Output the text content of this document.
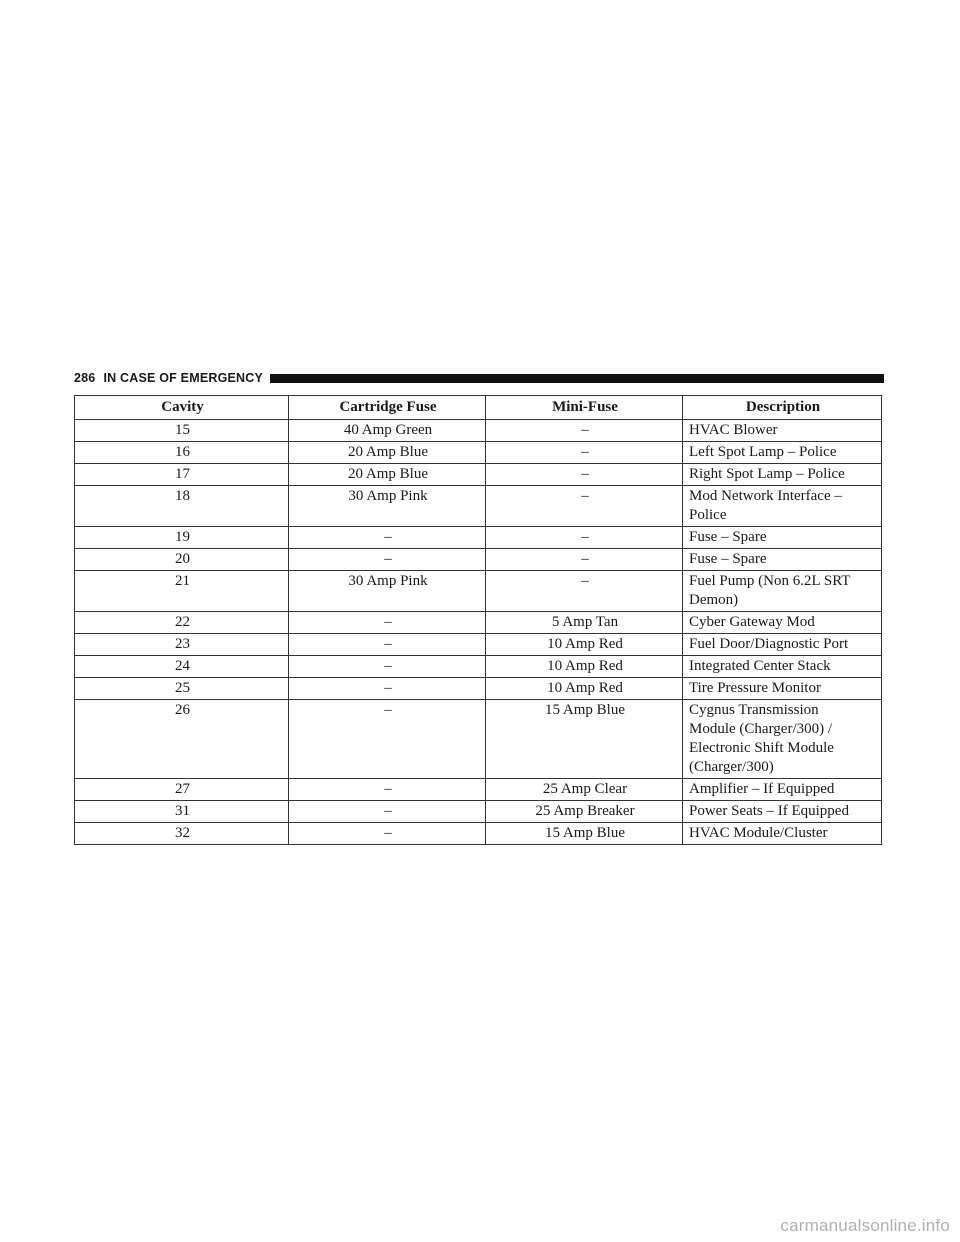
286 IN CASE OF EMERGENCY
Cavity	Cartridge Fuse	Mini-Fuse	Description
15	40 Amp Green	–	HVAC Blower

16	20 Amp Blue	–	Left Spot Lamp – Police

17	20 Amp Blue	–	Right Spot Lamp – Police

18	30 Amp Pink	–	Mod Network Interface –
Police

19	–	–	Fuse – Spare

20	–	–	Fuse – Spare

21	30 Amp Pink	–	Fuel Pump (Non 6.2L SRT
Demon)

22	–	5 Amp Tan	Cyber Gateway Mod

23	–	10 Amp Red	Fuel Door/Diagnostic Port

24	–	10 Amp Red	Integrated Center Stack

25	–	10 Amp Red	Tire Pressure Monitor

26	–	15 Amp Blue	Cygnus Transmission
Module (Charger/300) /
Electronic Shift Module
(Charger/300)

27	–	25 Amp Clear	Amplifier – If Equipped

31	–	25 Amp Breaker	Power Seats – If Equipped

32	–	15 Amp Blue	HVAC Module/Cluster
carmanualsonline.info
